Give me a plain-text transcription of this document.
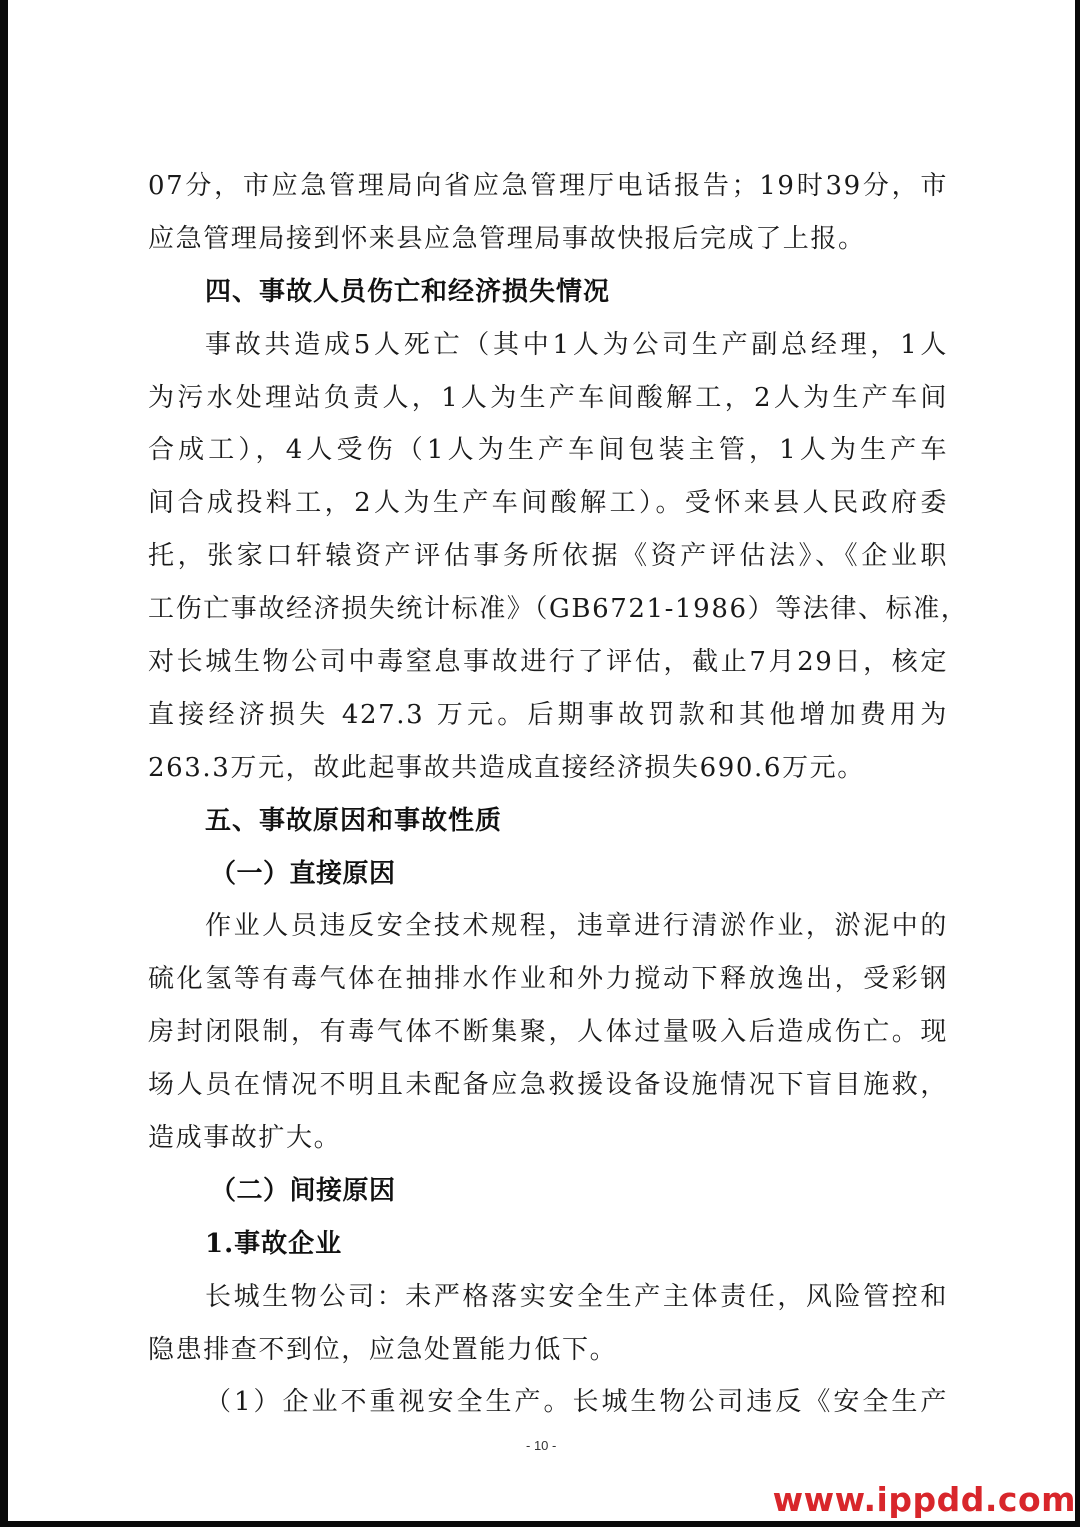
07分，市应急管理局向省应急管理厅电话报告；19时39分，市
应急管理局接到怀来县应急管理局事故快报后完成了上报。
四、事故人员伤亡和经济损失情况
事故共造成5人死亡（其中1人为公司生产副总经理，1人
为污水处理站负责人，1人为生产车间酸解工，2人为生产车间
合成工），4人受伤（1人为生产车间包装主管，1人为生产车
间合成投料工，2人为生产车间酸解工）。受怀来县人民政府委
托，张家口轩辕资产评估事务所依据《资产评估法》、《企业职
工伤亡事故经济损失统计标准》（GB6721-1986）等法律、标准，
对长城生物公司中毒窒息事故进行了评估，截止7月29日，核定
直接经济损失 427.3 万元。后期事故罚款和其他增加费用为
263.3万元，故此起事故共造成直接经济损失690.6万元。
五、事故原因和事故性质
（一）直接原因
作业人员违反安全技术规程，违章进行清淤作业，淤泥中的
硫化氢等有毒气体在抽排水作业和外力搅动下释放逸出，受彩钢
房封闭限制，有毒气体不断集聚，人体过量吸入后造成伤亡。现
场人员在情况不明且未配备应急救援设备设施情况下盲目施救，
造成事故扩大。
（二）间接原因
1.事故企业
长城生物公司：未严格落实安全生产主体责任，风险管控和
隐患排查不到位，应急处置能力低下。
（1）企业不重视安全生产。长城生物公司违反《安全生产
- 10 -
www.ippdd.com
